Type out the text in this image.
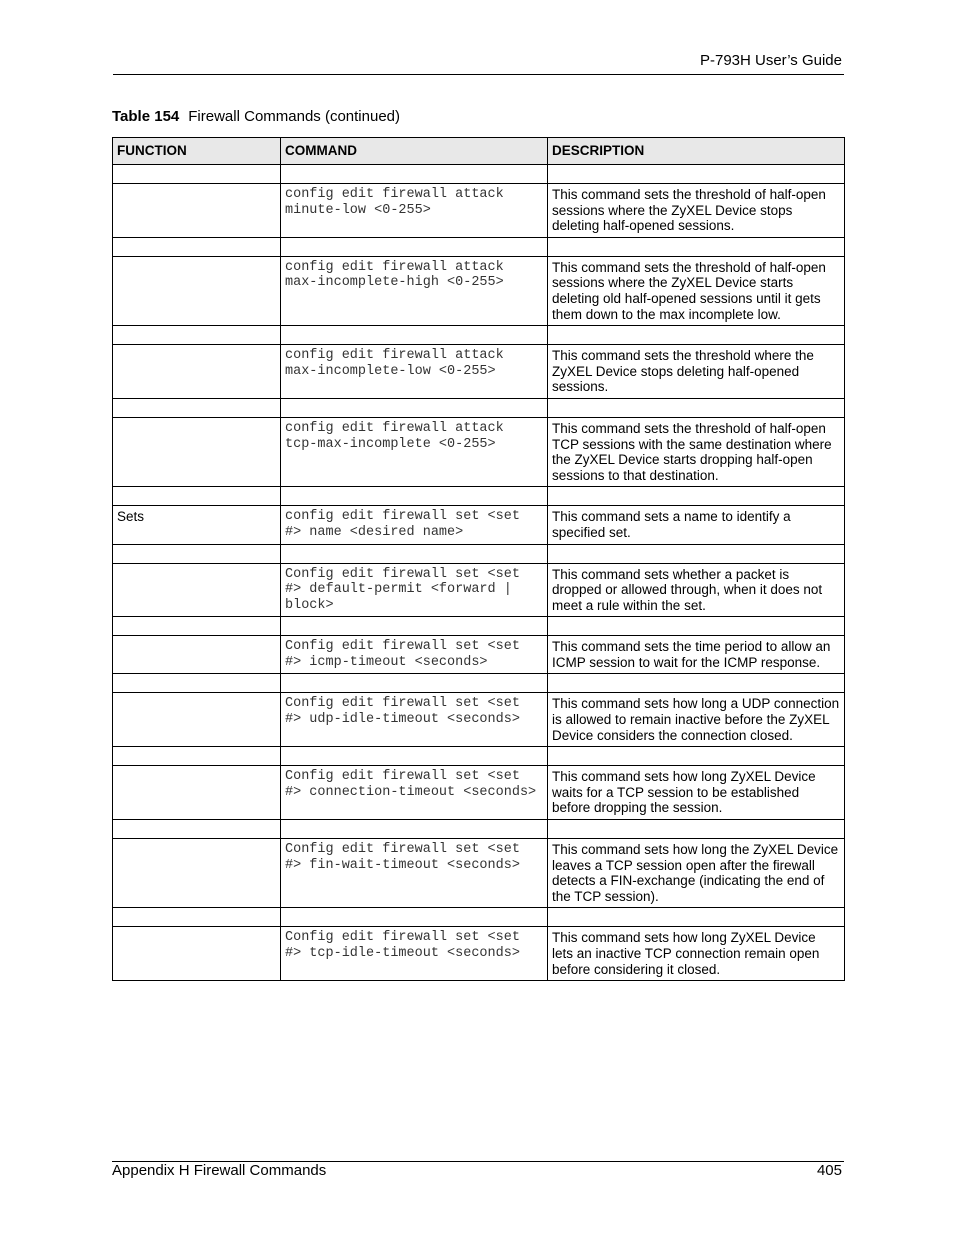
P-793H User’s Guide
Table 154 Firewall Commands (continued)
FUNCTION	COMMAND	DESCRIPTION

	config edit firewall attack minute-low <0-255>	This command sets the threshold of half-open sessions where the ZyXEL Device stops deleting half-opened sessions.

	config edit firewall attack max-incomplete-high <0-255>	This command sets the threshold of half-open sessions where the ZyXEL Device starts deleting old half-opened sessions until it gets them down to the max incomplete low.

	config edit firewall attack max-incomplete-low <0-255>	This command sets the threshold where the ZyXEL Device stops deleting half-opened sessions.

	config edit firewall attack tcp-max-incomplete <0-255>	This command sets the threshold of half-open TCP sessions with the same destination where the ZyXEL Device starts dropping half-open sessions to that destination.

Sets	config edit firewall set <set #> name <desired name>	This command sets a name to identify a specified set.

	Config edit firewall set <set #> default-permit <forward | block>	This command sets whether a packet is dropped or allowed through, when it does not meet a rule within the set.

	Config edit firewall set <set #> icmp-timeout <seconds>	This command sets the time period to allow an ICMP session to wait for the ICMP response.

	Config edit firewall set <set #> udp-idle-timeout <seconds>	This command sets how long a UDP connection is allowed to remain inactive before the ZyXEL Device considers the connection closed.

	Config edit firewall set <set #> connection-timeout <seconds>	This command sets how long ZyXEL Device waits for a TCP session to be established before dropping the session.

	Config edit firewall set <set #> fin-wait-timeout <seconds>	This command sets how long the ZyXEL Device leaves a TCP session open after the firewall detects a FIN-exchange (indicating the end of the TCP session).

	Config edit firewall set <set #> tcp-idle-timeout <seconds>	This command sets how long ZyXEL Device lets an inactive TCP connection remain open before considering it closed.
Appendix H Firewall Commands	405
